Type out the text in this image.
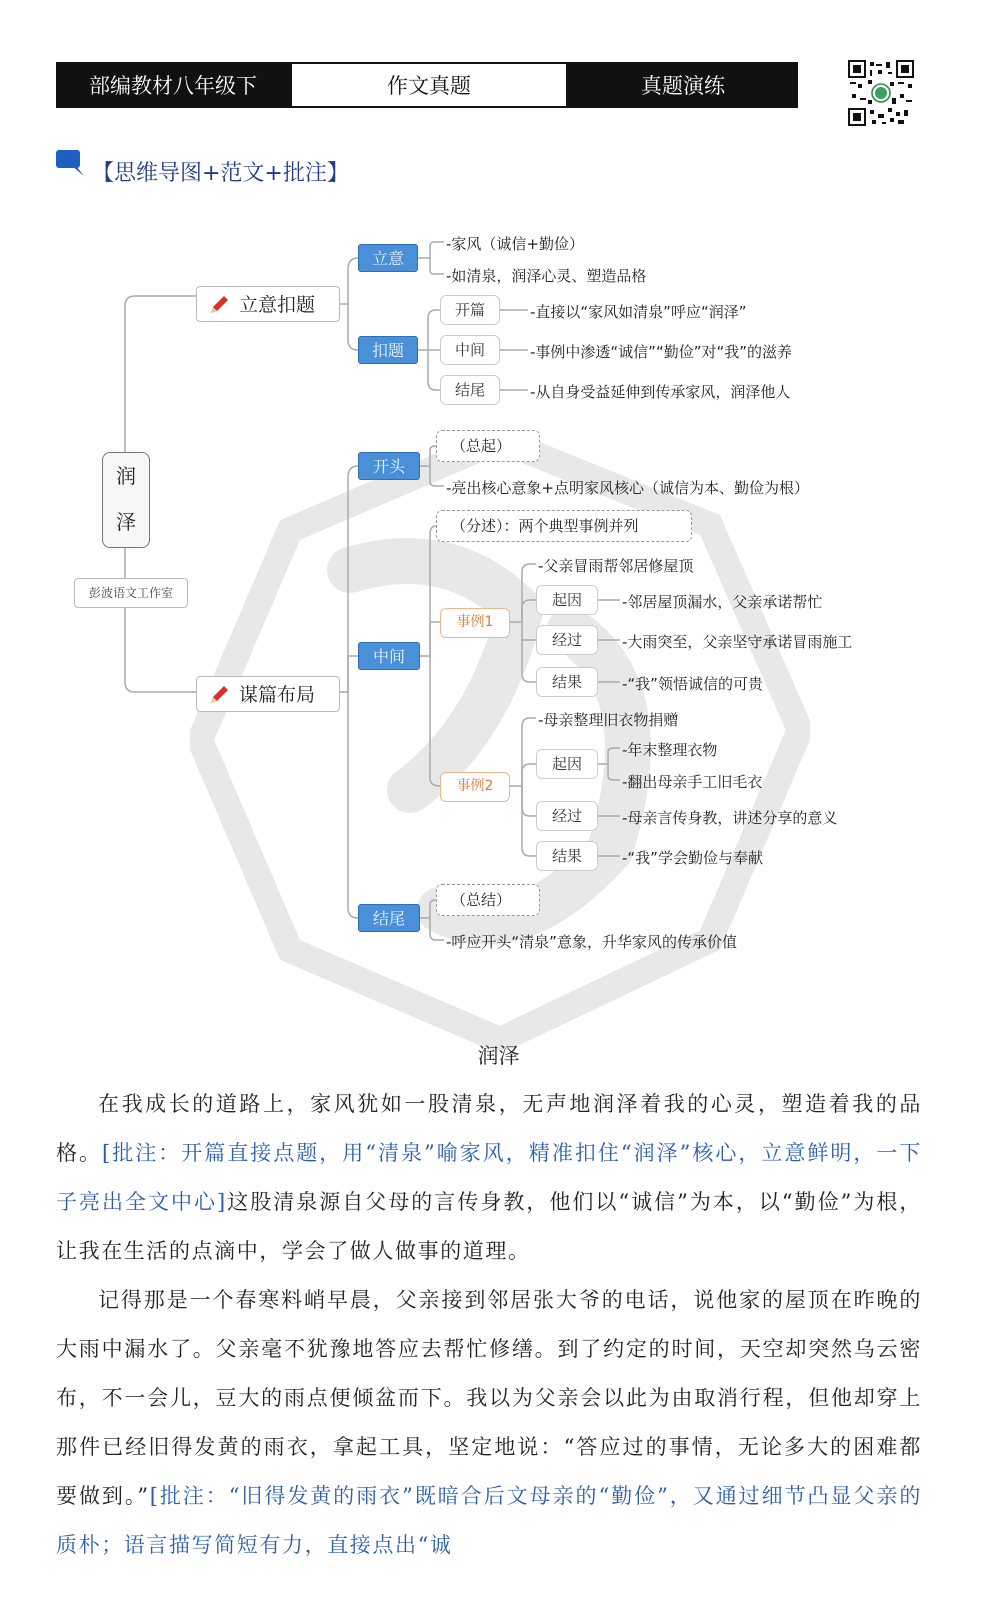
部编教材八年级下	作文真题	真题演练
【思维导图+范文+批注】
润
泽
彭波语文工作室
立意扣题
立意
-家风（诚信+勤俭）
-如清泉，润泽心灵、塑造品格
扣题
开篇	-直接以“家风如清泉”呼应“润泽”
中间	-事例中渗透“诚信”“勤俭”对“我”的滋养
结尾	-从自身受益延伸到传承家风，润泽他人
谋篇布局
开头
（总起）
-亮出核心意象+点明家风核心（诚信为本、勤俭为根）
中间
（分述）：两个典型事例并列
事例1
-父亲冒雨帮邻居修屋顶
起因	-邻居屋顶漏水，父亲承诺帮忙
经过	-大雨突至，父亲坚守承诺冒雨施工
结果	-“我”领悟诚信的可贵
事例2
-母亲整理旧衣物捐赠
起因
-年末整理衣物
-翻出母亲手工旧毛衣
经过	-母亲言传身教，讲述分享的意义
结果	-“我”学会勤俭与奉献
结尾
（总结）
-呼应开头“清泉”意象，升华家风的传承价值
润泽
在我成长的道路上，家风犹如一股清泉，无声地润泽着我的心灵，塑造着我的品格。[批注：开篇直接点题，用“清泉”喻家风，精准扣住“润泽”核心，立意鲜明，一下子亮出全文中心]这股清泉源自父母的言传身教，他们以“诚信”为本，以“勤俭”为根，让我在生活的点滴中，学会了做人做事的道理。
记得那是一个春寒料峭早晨，父亲接到邻居张大爷的电话，说他家的屋顶在昨晚的大雨中漏水了。父亲毫不犹豫地答应去帮忙修缮。到了约定的时间，天空却突然乌云密布，不一会儿，豆大的雨点便倾盆而下。我以为父亲会以此为由取消行程，但他却穿上那件已经旧得发黄的雨衣，拿起工具，坚定地说：“答应过的事情，无论多大的困难都要做到。”[批注：“旧得发黄的雨衣”既暗合后文母亲的“勤俭”，又通过细节凸显父亲的质朴；语言描写简短有力，直接点出“诚
